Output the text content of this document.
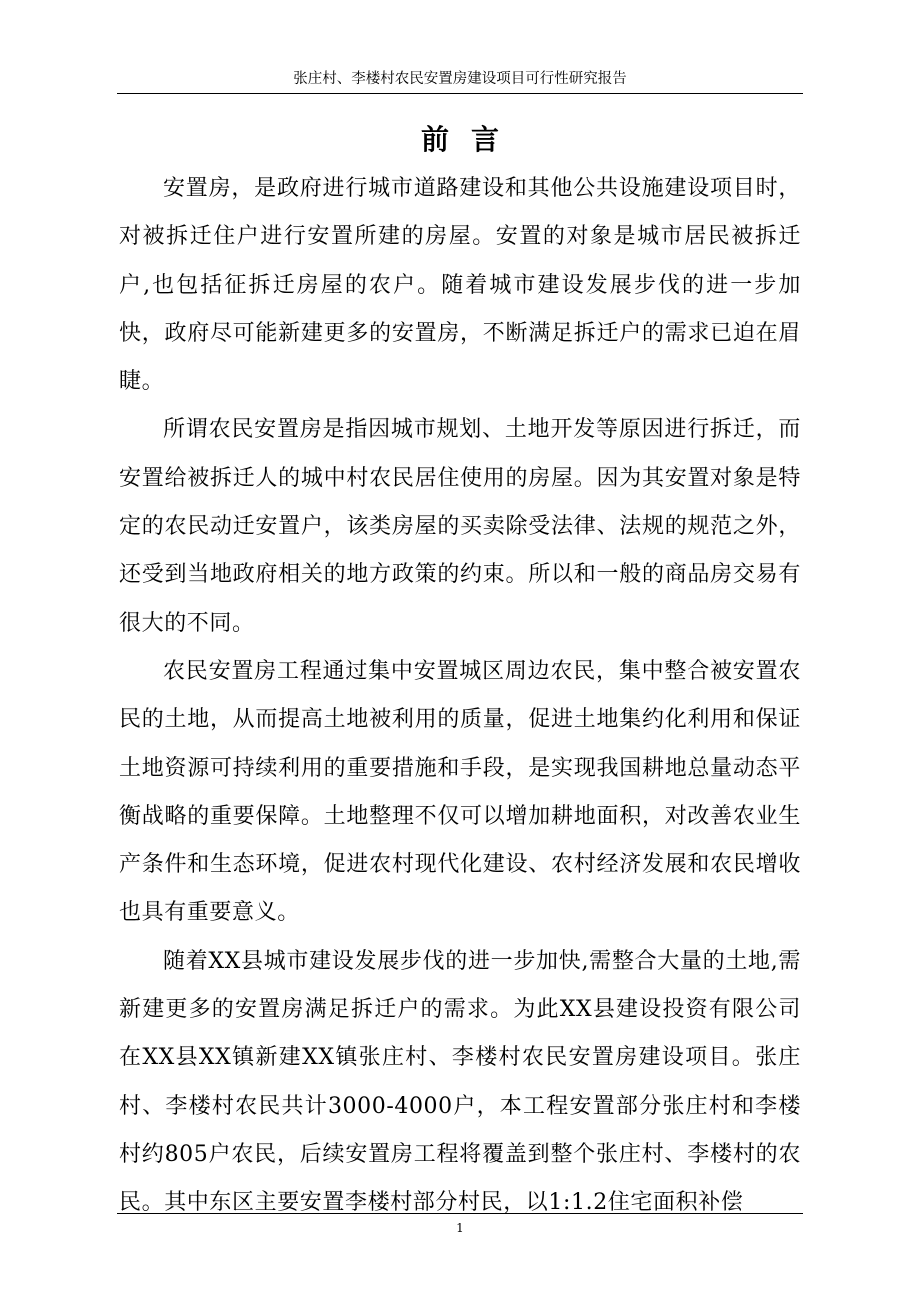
张庄村、李楼村农民安置房建设项目可行性研究报告
前言

安置房，是政府进行城市道路建设和其他公共设施建设项目时，对被拆迁住户进行安置所建的房屋。安置的对象是城市居民被拆迁户,也包括征拆迁房屋的农户。随着城市建设发展步伐的进一步加快，政府尽可能新建更多的安置房，不断满足拆迁户的需求已迫在眉睫。

所谓农民安置房是指因城市规划、土地开发等原因进行拆迁，而安置给被拆迁人的城中村农民居住使用的房屋。因为其安置对象是特定的农民动迁安置户，该类房屋的买卖除受法律、法规的规范之外，还受到当地政府相关的地方政策的约束。所以和一般的商品房交易有很大的不同。

农民安置房工程通过集中安置城区周边农民，集中整合被安置农民的土地，从而提高土地被利用的质量，促进土地集约化利用和保证土地资源可持续利用的重要措施和手段，是实现我国耕地总量动态平衡战略的重要保障。土地整理不仅可以增加耕地面积，对改善农业生产条件和生态环境，促进农村现代化建设、农村经济发展和农民增收也具有重要意义。

随着XX县城市建设发展步伐的进一步加快,需整合大量的土地,需新建更多的安置房满足拆迁户的需求。为此XX县建设投资有限公司在XX县XX镇新建XX镇张庄村、李楼村农民安置房建设项目。张庄村、李楼村农民共计3000-4000户，本工程安置部分张庄村和李楼村约805户农民，后续安置房工程将覆盖到整个张庄村、李楼村的农民。其中东区主要安置李楼村部分村民，以1:1.2住宅面积补偿

1
